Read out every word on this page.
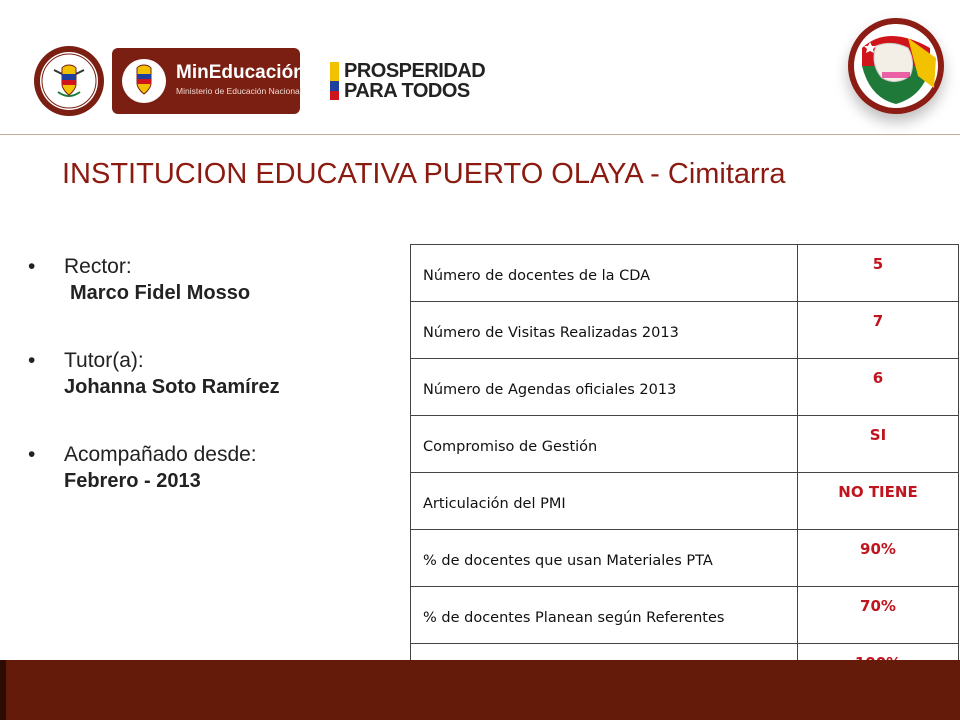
MinEducación
Ministerio de Educación Nacional
PROSPERIDAD
PARA TODOS
INSTITUCION EDUCATIVA PUERTO OLAYA - Cimitarra
• Rector:
Marco Fidel Mosso
• Tutor(a):
Johanna Soto Ramírez
• Acompañado desde:
Febrero - 2013
Número de docentes de la CDA	5
Número de Visitas Realizadas 2013	7
Número de Agendas oficiales 2013	6
Compromiso de Gestión	SI
Articulación del PMI	NO TIENE
% de docentes que usan Materiales PTA	90%
% de docentes Planean según Referentes	70%
